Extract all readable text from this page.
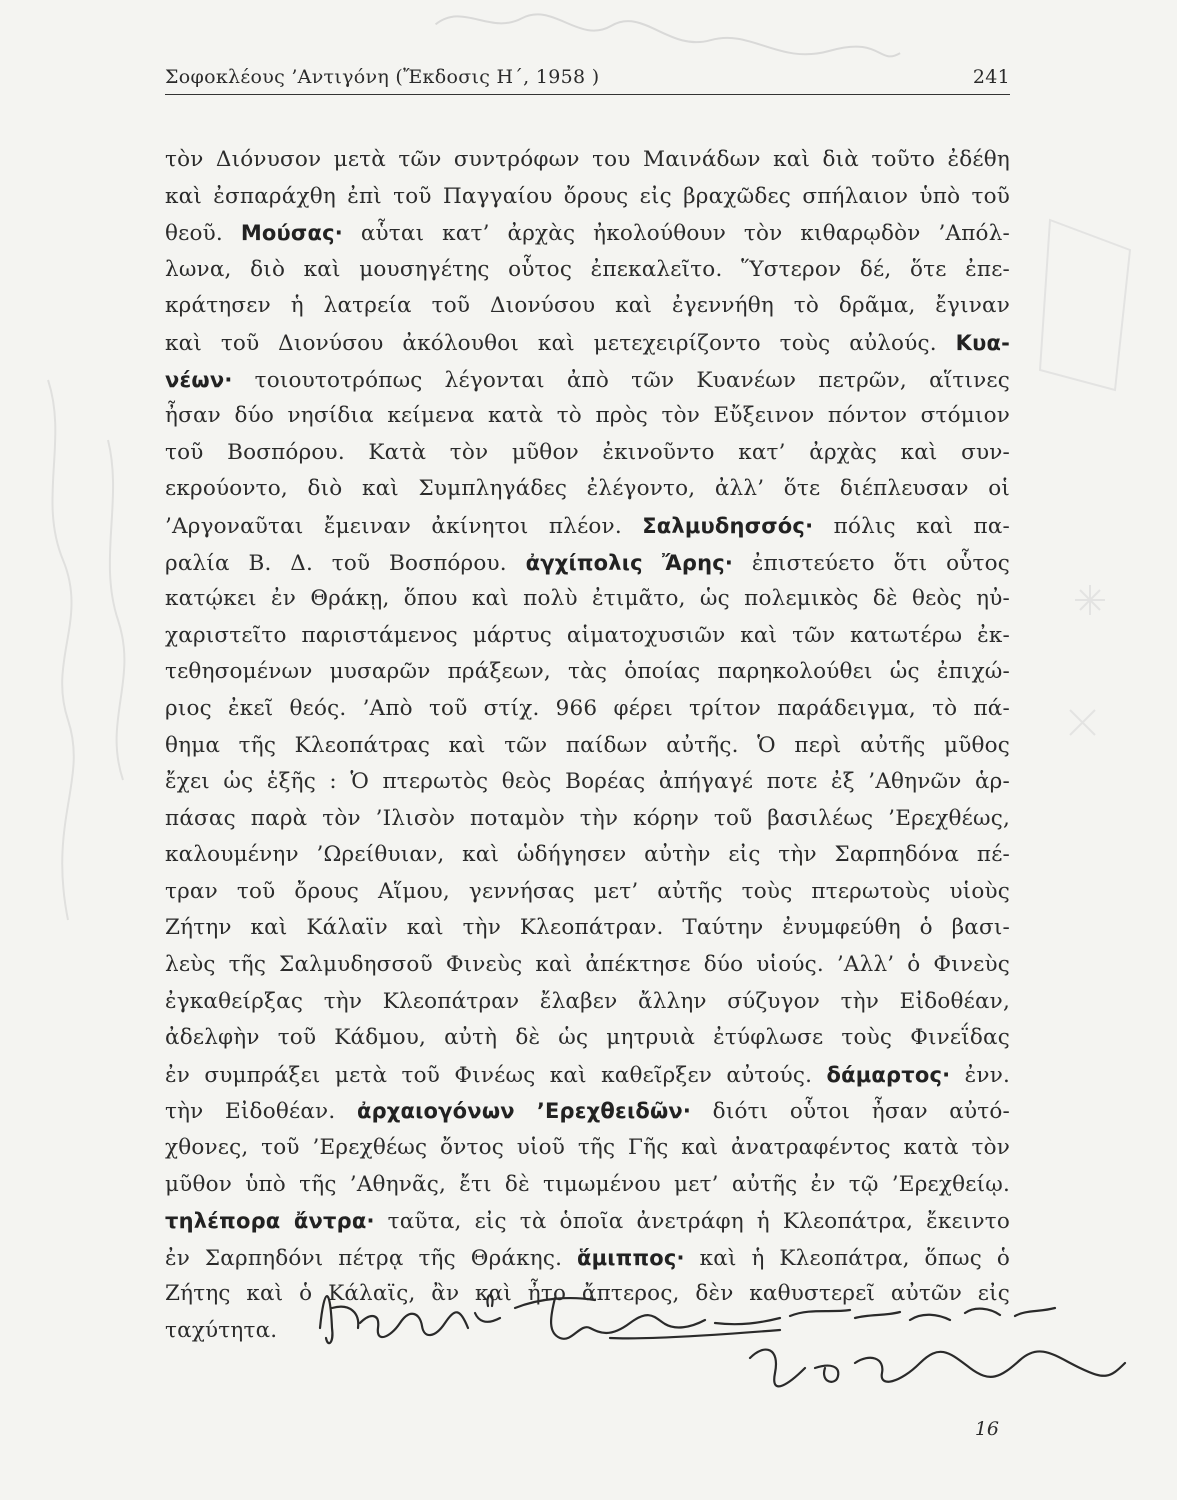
Σοφοκλέους ’Αντιγόνη (Ἔκδοσις Η΄, 1958 )	241
τὸν Διόνυσον μετὰ τῶν συντρόφων του Μαινάδων καὶ διὰ τοῦτο ἐδέθη
καὶ ἐσπαράχθη ἐπὶ τοῦ Παγγαίου ὄρους εἰς βραχῶδες σπήλαιον ὑπὸ τοῦ
θεοῦ. Μούσας· αὗται κατ’ ἀρχὰς ἠκολούθουν τὸν κιθαρῳδὸν ’Απόλ-
λωνα, διὸ καὶ μουσηγέτης οὗτος ἐπεκαλεῖτο. Ὕστερον δέ, ὅτε ἐπε-
κράτησεν ἡ λατρεία τοῦ Διονύσου καὶ ἐγεννήθη τὸ δρᾶμα, ἔγιναν
καὶ τοῦ Διονύσου ἀκόλουθοι καὶ μετεχειρίζοντο τοὺς αὐλούς. Κυα-
νέων· τοιουτοτρόπως λέγονται ἀπὸ τῶν Κυανέων πετρῶν, αἵτινες
ἦσαν δύο νησίδια κείμενα κατὰ τὸ πρὸς τὸν Εὔξεινον πόντον στόμιον
τοῦ Βοσπόρου. Κατὰ τὸν μῦθον ἐκινοῦντο κατ’ ἀρχὰς καὶ συν-
εκρούοντο, διὸ καὶ Συμπληγάδες ἐλέγοντο, ἀλλ’ ὅτε διέπλευσαν οἱ
’Αργοναῦται ἔμειναν ἀκίνητοι πλέον. Σαλμυδησσός· πόλις καὶ πα-
ραλία Β. Δ. τοῦ Βοσπόρου. ἀγχίπολις Ἄρης· ἐπιστεύετο ὅτι οὗτος
κατῴκει ἐν Θράκῃ, ὅπου καὶ πολὺ ἐτιμᾶτο, ὡς πολεμικὸς δὲ θεὸς ηὐ-
χαριστεῖτο παριστάμενος μάρτυς αἱματοχυσιῶν καὶ τῶν κατωτέρω ἐκ-
τεθησομένων μυσαρῶν πράξεων, τὰς ὁποίας παρηκολούθει ὡς ἐπιχώ-
ριος ἐκεῖ θεός. ’Απὸ τοῦ στίχ. 966 φέρει τρίτον παράδειγμα, τὸ πά-
θημα τῆς Κλεοπάτρας καὶ τῶν παίδων αὐτῆς. Ὁ περὶ αὐτῆς μῦθος
ἔχει ὡς ἑξῆς : Ὁ πτερωτὸς θεὸς Βορέας ἀπήγαγέ ποτε ἐξ ’Αθηνῶν ἁρ-
πάσας παρὰ τὸν ’Ιλισὸν ποταμὸν τὴν κόρην τοῦ βασιλέως ’Ερεχθέως,
καλουμένην ’Ωρείθυιαν, καὶ ὡδήγησεν αὐτὴν εἰς τὴν Σαρπηδόνα πέ-
τραν τοῦ ὄρους Αἵμου, γεννήσας μετ’ αὐτῆς τοὺς πτερωτοὺς υἱοὺς
Ζήτην καὶ Κάλαϊν καὶ τὴν Κλεοπάτραν. Ταύτην ἐνυμφεύθη ὁ βασι-
λεὺς τῆς Σαλμυδησσοῦ Φινεὺς καὶ ἀπέκτησε δύο υἱούς. ’Αλλ’ ὁ Φινεὺς
ἐγκαθείρξας τὴν Κλεοπάτραν ἔλαβεν ἄλλην σύζυγον τὴν Εἰδοθέαν,
ἀδελφὴν τοῦ Κάδμου, αὐτὴ δὲ ὡς μητρυιὰ ἐτύφλωσε τοὺς Φινεΐδας
ἐν συμπράξει μετὰ τοῦ Φινέως καὶ καθεῖρξεν αὐτούς. δάμαρτος· ἐνν.
τὴν Εἰδοθέαν. ἀρχαιογόνων ’Ερεχθειδῶν· διότι οὗτοι ἦσαν αὐτό-
χθονες, τοῦ ’Ερεχθέως ὄντος υἱοῦ τῆς Γῆς καὶ ἀνατραφέντος κατὰ τὸν
μῦθον ὑπὸ τῆς ’Αθηνᾶς, ἔτι δὲ τιμωμένου μετ’ αὐτῆς ἐν τῷ ’Ερεχθείῳ.
τηλέπορα ἄντρα· ταῦτα, εἰς τὰ ὁποῖα ἀνετράφη ἡ Κλεοπάτρα, ἔκειντο
ἐν Σαρπηδόνι πέτρᾳ τῆς Θράκης. ἅμιππος· καὶ ἡ Κλεοπάτρα, ὅπως ὁ
Ζήτης καὶ ὁ Κάλαϊς, ἂν καὶ ἦτο ἄπτερος, δὲν καθυστερεῖ αὐτῶν εἰς
ταχύτητα.
16
